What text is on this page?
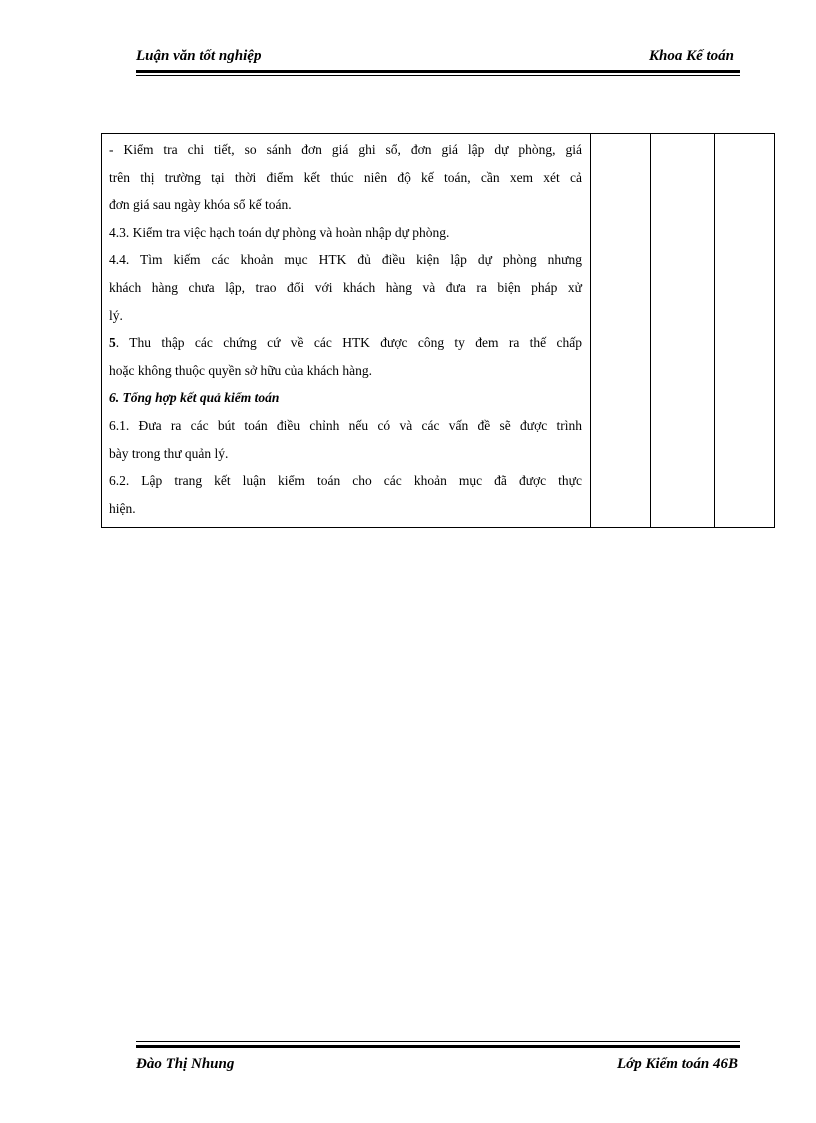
Luận văn tốt nghiệp	Khoa Kế toán
- Kiểm tra chi tiết, so sánh đơn giá ghi sổ, đơn giá lập dự phòng, giá
trên thị trường tại thời điểm kết thúc niên độ kế toán, cần xem xét cả
đơn giá sau ngày khóa sổ kế toán.
4.3. Kiểm tra việc hạch toán dự phòng và hoàn nhập dự phòng.
4.4. Tìm kiếm các khoản mục HTK đủ điều kiện lập dự phòng nhưng
khách hàng chưa lập, trao đổi với khách hàng và đưa ra biện pháp xử
lý.
5. Thu thập các chứng cứ về các HTK được công ty đem ra thế chấp
hoặc không thuộc quyền sở hữu của khách hàng.
6. Tổng hợp kết quả kiểm toán
6.1. Đưa ra các bút toán điều chỉnh nếu có và các vấn đề sẽ được trình
bày trong thư quản lý.
6.2. Lập trang kết luận kiểm toán cho các khoản mục đã được thực
hiện.

Đào Thị Nhung	Lớp Kiểm toán 46B
